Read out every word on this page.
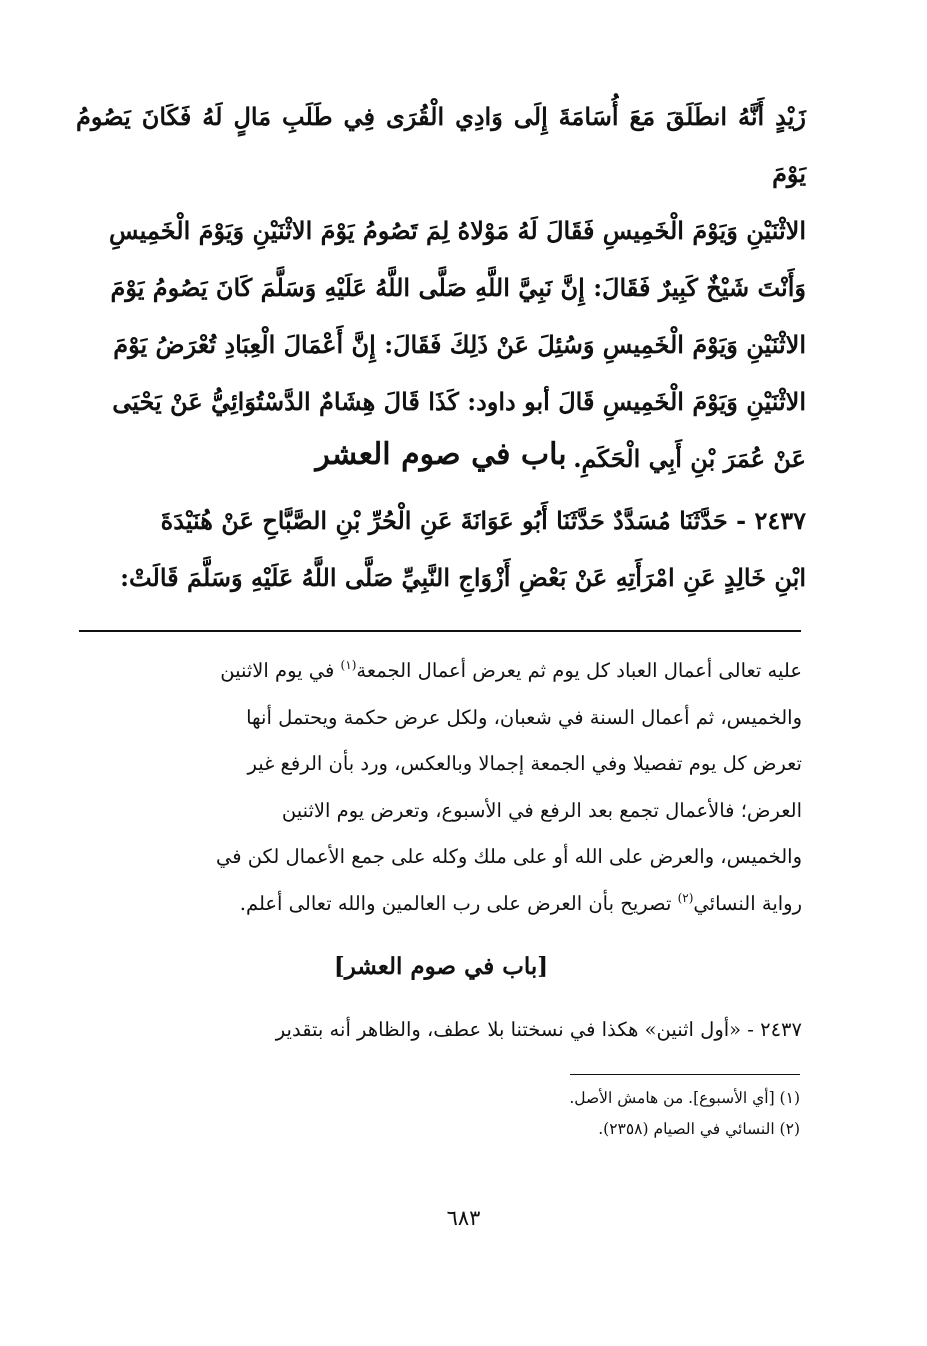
زَيْدٍ أَنَّهُ انطَلَقَ مَعَ أُسَامَةَ إِلَى وَادِي الْقُرَى فِي طَلَبِ مَالٍ لَهُ فَكَانَ يَصُومُ يَوْمَ

الاثْنَيْنِ وَيَوْمَ الْخَمِيسِ فَقَالَ لَهُ مَوْلاهُ لِمَ تَصُومُ يَوْمَ الاثْنَيْنِ وَيَوْمَ الْخَمِيسِ

وَأَنْتَ شَيْخٌ كَبِيرٌ فَقَالَ: إِنَّ نَبِيَّ اللَّهِ صَلَّى اللَّهُ عَلَيْهِ وَسَلَّمَ كَانَ يَصُومُ يَوْمَ

الاثْنَيْنِ وَيَوْمَ الْخَمِيسِ وَسُئِلَ عَنْ ذَلِكَ فَقَالَ: إِنَّ أَعْمَالَ الْعِبَادِ تُعْرَضُ يَوْمَ

الاثْنَيْنِ وَيَوْمَ الْخَمِيسِ قَالَ أبو داود: كَذَا قَالَ هِشَامٌ الدَّسْتُوَائِيُّ عَنْ يَحْيَى

عَنْ عُمَرَ بْنِ أَبِي الْحَكَمِ.

باب في صوم العشر

٢٤٣٧ - حَدَّثَنَا مُسَدَّدٌ حَدَّثَنَا أَبُو عَوَانَةَ عَنِ الْحُرِّ بْنِ الصَّبَّاحِ عَنْ هُنَيْدَةَ

ابْنِ خَالِدٍ عَنِ امْرَأَتِهِ عَنْ بَعْضِ أَزْوَاجِ النَّبِيِّ صَلَّى اللَّهُ عَلَيْهِ وَسَلَّمَ قَالَتْ:

عليه تعالى أعمال العباد كل يوم ثم يعرض أعمال الجمعة$^{(١)}$ في يوم الاثنين

والخميس، ثم أعمال السنة في شعبان، ولكل عرض حكمة ويحتمل أنها

تعرض كل يوم تفصيلا وفي الجمعة إجمالا وبالعكس، ورد بأن الرفع غير

العرض؛ فالأعمال تجمع بعد الرفع في الأسبوع، وتعرض يوم الاثنين

والخميس، والعرض على الله أو على ملك وكله على جمع الأعمال لكن في

رواية النسائي$^{(٢)}$ تصريح بأن العرض على رب العالمين والله تعالى أعلم.

[باب في صوم العشر]
٢٤٣٧ - «أول اثنين» هكذا في نسختنا بلا عطف، والظاهر أنه بتقدير

(١) [أي الأسبوع]. من هامش الأصل.

(٢) النسائي في الصيام (٢٣٥٨).

٦٨٣
